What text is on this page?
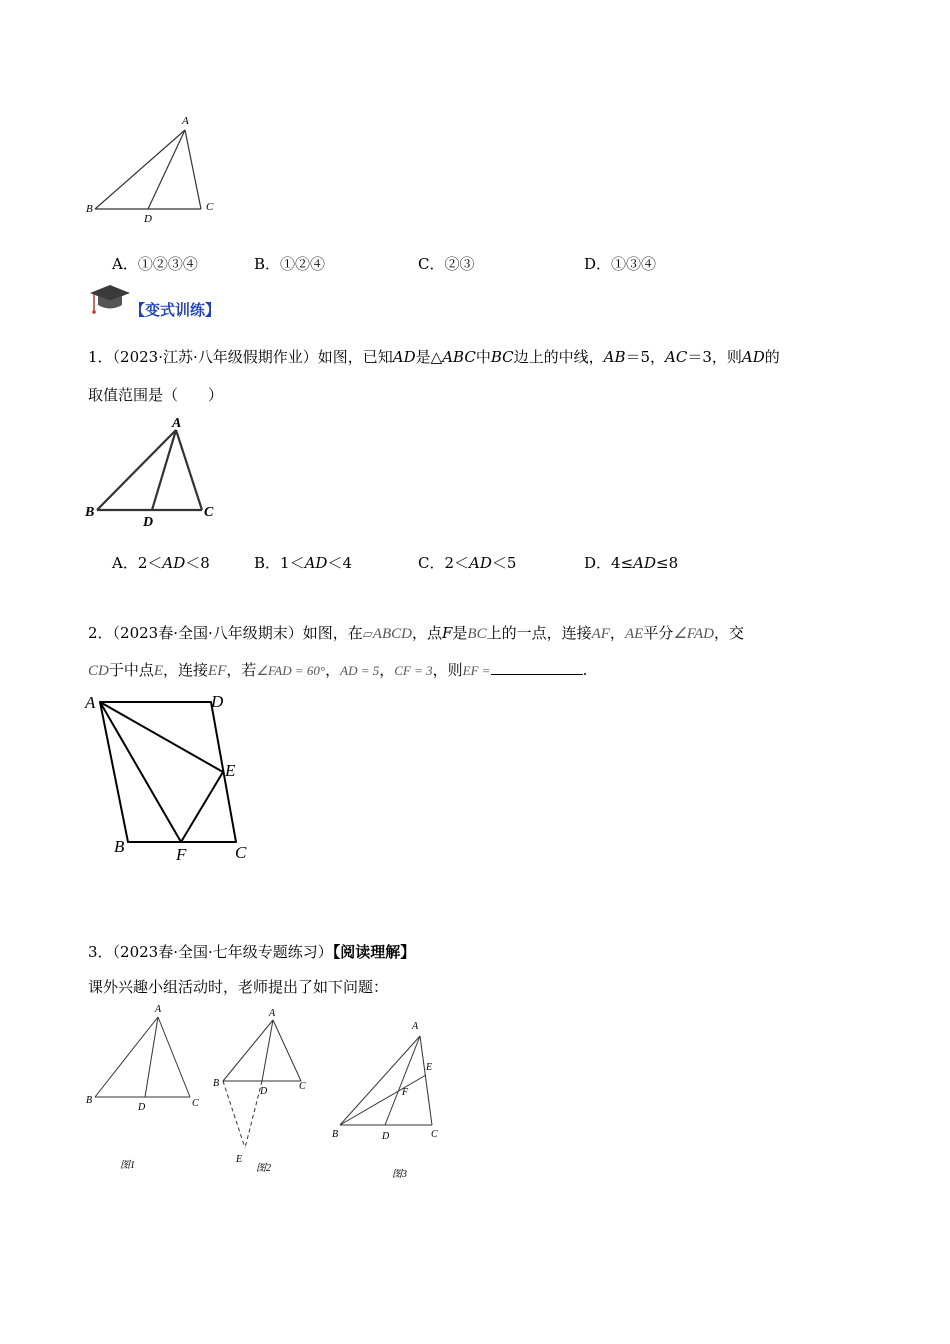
A
B	C
D
A．①②③④	B．①②④	C．②③	D．①③④
【变式训练】
1．（2023·江苏·八年级假期作业）如图，已知AD是△ABC中BC边上的中线，AB＝5，AC＝3，则AD的
取值范围是（　　）
A
B	C
D
A．2＜AD＜8	B．1＜AD＜4	C．2＜AD＜5	D．4≤AD≤8
2．（2023春·全国·八年级期末）如图，在▱ABCD，点F是BC上的一点，连接AF，AE平分∠FAD，交
CD于中点E，连接EF，若∠FAD = 60°，AD = 5，CF = 3，则EF =	.
A	D
E
B	F	C
3．（2023春·全国·七年级专题练习）【阅读理解】
课外兴趣小组活动时，老师提出了如下问题：
A
B	C
D
图1
A
B	C
D
E
图2
A
E
F
B	D	C
图3
